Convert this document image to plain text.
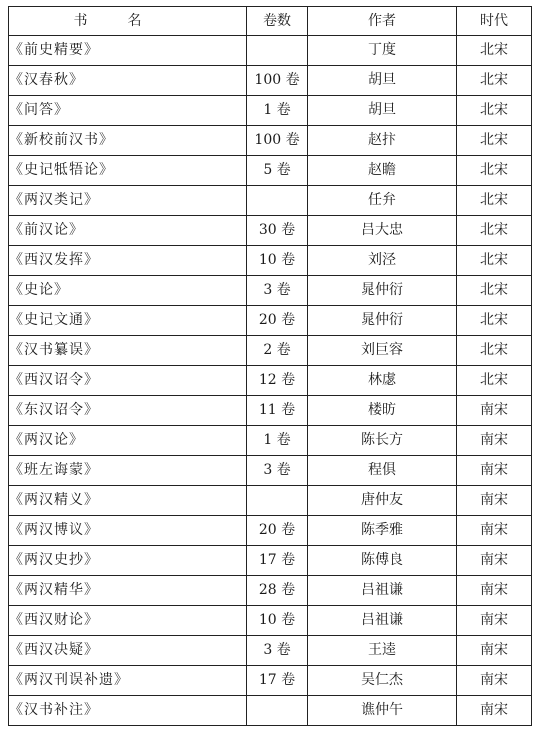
书名	卷数	作者	时代
《前史精要》		丁度	北宋
《汉春秋》	100 卷	胡旦	北宋
《问答》	1 卷	胡旦	北宋
《新校前汉书》	100 卷	赵抃	北宋
《史记牴牾论》	5 卷	赵瞻	北宋
《两汉类记》		任弁	北宋
《前汉论》	30 卷	吕大忠	北宋
《西汉发挥》	10 卷	刘泾	北宋
《史论》	3 卷	晁仲衍	北宋
《史记文通》	20 卷	晁仲衍	北宋
《汉书纂误》	2 卷	刘巨容	北宋
《西汉诏令》	12 卷	林虙	北宋
《东汉诏令》	11 卷	楼昉	南宋
《两汉论》	1 卷	陈长方	南宋
《班左诲蒙》	3 卷	程俱	南宋
《两汉精义》		唐仲友	南宋
《两汉博议》	20 卷	陈季雅	南宋
《两汉史抄》	17 卷	陈傅良	南宋
《两汉精华》	28 卷	吕祖谦	南宋
《西汉财论》	10 卷	吕祖谦	南宋
《西汉决疑》	3 卷	王逵	南宋
《两汉刊误补遗》	17 卷	吴仁杰	南宋
《汉书补注》		谯仲午	南宋
